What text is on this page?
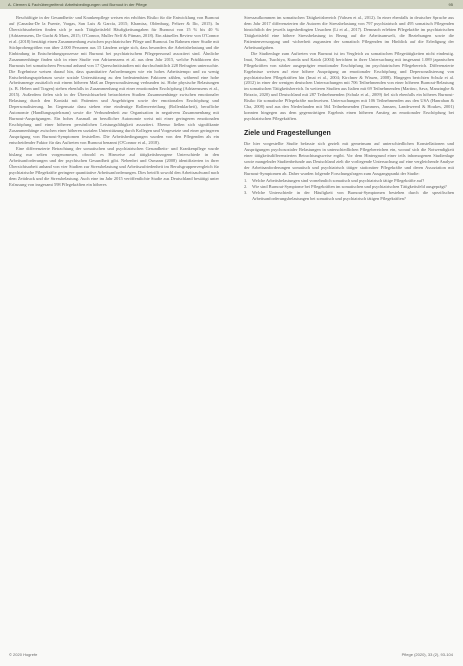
A. Clemen & Fachübergreifend: Arbeitsbedingungen und Burnout in der Pflege	95

Beschäftigte in der Gesundheits- und Krankenpflege weisen ein erhöhtes Risiko für die Entwicklung von Burnout auf (Canadas-De la Fuente, Vargas, San Luis & García, 2015; Khamisa, Oldenburg, Peltzer & Ilic, 2015). In Übersichtsarbeiten finden sich je nach Tätigkeitsfeld Häufigkeitsangaben für Burnout von 15 % bis 40 % (Adriaenssens, De Gucht & Maes, 2015; O'Connor, Muller Neff & Pitman, 2018). Ein aktuelles Review von O'Connor et al. (2018) bestätigt einen Zusammenhang zwischen psychiatrischer Pflege und Burnout. Im Rahmen einer Studie mit Stichprobengrößen von über 2.000 Personen aus 15 Ländern zeigte sich, dass besonders die Arbeitsbelastung und die Einbindung in Entscheidungsprozesse mit Burnout bei psychiatrischem Pflegepersonal assoziiert sind. Ähnliche Zusammenhänge finden sich in einer Studie von Adriaenssens et al. aus dem Jahr 2015, welche Prädiktoren des Burnouts bei somatischem Personal anhand von 17 Querschnittstudien mit durchschnittlich 228 Befragten untersuchte. Die Ergebnisse weisen darauf hin, dass quantitative Anforderungen wie ein hohes Arbeitstempo und zu wenig Entscheidungsspielraum sowie soziale Unterstützung zu den bedeutendsten Faktoren zählen, während eine hohe Arbeitsmenge zusätzlich mit einem höheren Maß an Depersonalisierung verbunden ist. Hohe physische Belastungen (z. B. Heben und Tragen) stehen ebenfalls in Zusammenhang mit einer emotionalen Erschöpfung (Adriaenssens et al., 2015). Außerdem fielen sich in der Übersichtsarbeit betrachteten Studien Zusammenhänge zwischen emotionaler Belastung durch den Kontakt mit Patienten und Angehörigen sowie der emotionalen Erschöpfung und Depersonalisierung. Im Gegensatz dazu stehen eine eindeutige Rollenverteilung (Rollenklarheit), berufliche Autonomie (Handlungsspielraum) sowie die Verbundenheit zur Organisation in negativem Zusammenhang mit Burnout-Ausprägungen. Ein hohes Ausmaß an beruflicher Autonomie weist mit einer geringeren emotionalen Erschöpfung und einer höheren persönlichen Leistungsfähigkeit assoziiert. Ebenso ließen sich signifikante Zusammenhänge zwischen einer höheren sozialen Unterstützung durch Kollegen und Vorgesetzte und einer geringeren Ausprägung von Burnout-Symptomen feststellen. Die Arbeitsbedingungen wurden von den Pflegenden als ein entscheidender Faktor für das Auftreten von Burnout benannt (O'Connor et al., 2018).

Eine differenzierte Betrachtung der somatischen und psychiatrischen Gesundheits- und Krankenpflege wurde bislang nur selten vorgenommen, obwohl es Hinweise auf tätigkeitsbezogene Unterschiede in den Arbeitsanforderungen und der psychischen Gesundheit gibt. Nebenbei und Osmann (2008) identifizierten in ihrer Übersichtsarbeit anhand von vier Studien zur Stressbelastung und Arbeitszufriedenheit im Berufsgruppenvergleich für psychiatrische Pflegekräfte geringere quantitative Arbeitsanforderungen. Dies betrifft sowohl den Arbeitsaufwand nach dem Zeitdruck und die Stressbelastung. Auch eine im Jahr 2015 veröffentlichte Studie aus Deutschland bestätigt unter Erfassung von insgesamt 598 Pflegekräften ein höheres

Stressaufkommen im somatischen Tätigkeitsbereich (Vahsen et al., 2012). In einer ebenfalls in deutscher Sprache aus dem Jahr 2017 differenzierten die Autoren die Stressbelastung von 797 psychiatrisch und 495 somatisch Pflegenden hinsichtlich der jeweils tagesbedingten Ursachen (Li et al., 2017). Demnach erlebten Pflegekräfte im psychiatrischen Tätigkeitsfeld eine höhere Stressbelastung in Bezug auf die Arbeitsumwelt, die Beziehungen sowie die Patientenversorgung und -sicherheit zugunsten der somatisch Pflegenden im Hinblick auf die Erledigung der Arbeitsaufgaben.

Die Studienlage zum Auftreten von Burnout ist im Vergleich zu somatischen Pflegetätigkeiten nicht eindeutig. Imai, Nakao, Tsuchiya, Kuroda und Katoh (2004) berichten in ihrer Untersuchung mit insgesamt 1.089 japanischen Pflegekräften von stärker ausgeprägter emotionaler Erschöpfung im psychiatrischen Pflegebereich. Differenzierte Ergebnisse weisen auf eine höhere Ausprägung an emotionaler Erschöpfung und Depersonalisierung von psychiatrischen Pflegekräften hin (Imai et al., 2004; Kirchner & Wissen, 2008). Hingegen berichten Schulz et al. (2012) in einer der wenigen deutschen Untersuchungen mit 706 Teilnehmenden von einer höheren Burnout-Belastung im somatischen Tätigkeitsbereich. In weiteren Studien aus Italien mit 69 Teilnehmenden (Martino, Sava, Manzinghe & Brizzio, 2020) und Deutschland mit 287 Teilnehmenden (Schulz et al., 2009) fiel sich ebenfalls ein höheres Burnout-Risiko für somatische Pflegekräfte nachweisen. Untersuchungen mit 106 Teilnehmenden aus den USA (Hanrahan & Cha, 2008) und aus den Niederlanden mit 564 Teilnehmenden (Tummers, Janssen, Landeweerd & Houkes, 2001) konnten hingegen aus dem gegenwärtigen Ergebnis einen höheren Anstieg an emotionaler Erschöpfung bei psychiatrischen Pflegekräften.

Ziele und Fragestellungen

Die hier vorgestellte Studie befasste sich gezielt mit gemeinsam auf unterschiedlichen Konstellationen und Ausprägungen psychosozialer Belastungen in unterschiedlichen Pflegebereichen ein, worauf sich die Notwendigkeit einer tätigkeitsdifferenzierten Betrachtungsweise ergibt. Vor dem Hintergrund einer teils inhomogenen Studienlage sowie mangelnder Studienbefunde aus Deutschland zielt die vorliegende Untersuchung auf eine vergleichende Analyse der Arbeitsanforderungen somatisch und psychiatrisch tätiger stationärer Pflegekräfte und deren Assoziation mit Burnout-Symptomen ab. Daher wurden folgende Forschungsfragen zum Ausgangspunkt der Studie:

1.	Welche Arbeitsbelastungen sind vornehmlich somatisch und psychiatrisch tätige Pflegekräfte auf?
2.	Wie sind Burnout-Symptome bei Pflegekräften im somatischen und psychiatrischen Tätigkeitsfeld ausgeprägt?
3.	Welche Unterschiede in der Häufigkeit von Burnout-Symptomen bestehen durch die spezifischen Arbeitsanforderungsbelastungen bei somatisch und psychiatrisch tätigen Pflegekräften?
© 2020 Hogrefe	Pflege (2020), 33 (2), 93-104
